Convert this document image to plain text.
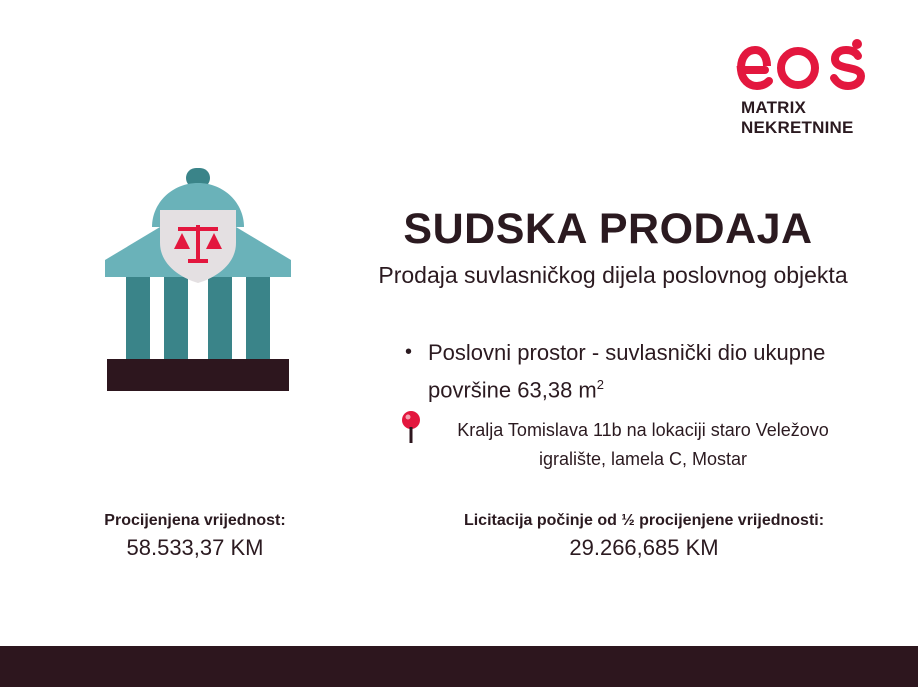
MATRIX
NEKRETNINE
SUDSKA PRODAJA
Prodaja suvlasničkog dijela poslovnog objekta
• Poslovni prostor - suvlasnički dio ukupne površine 63,38 $m^2$
Kralja Tomislava 11b na lokaciji staro Veležovo igralište, lamela C, Mostar
Procijenjena vrijednost:
58.533,37 KM
Licitacija počinje od ½ procijenjene vrijednosti:
29.266,685 KM
